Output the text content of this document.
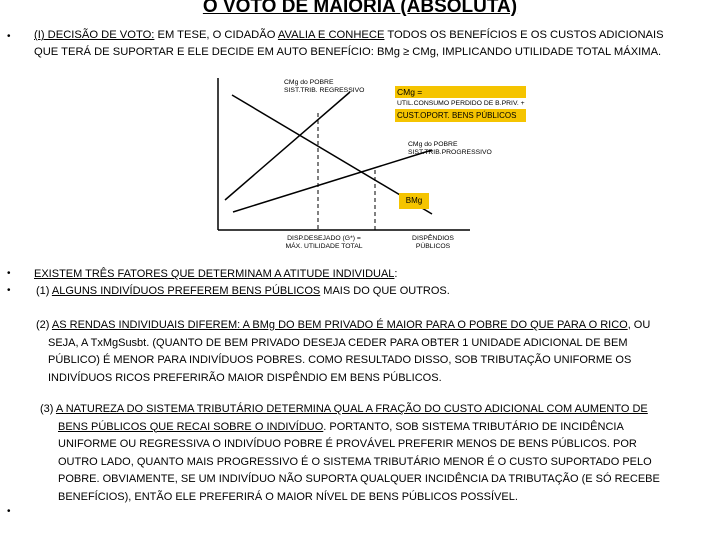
O VOTO DE MAIORIA (ABSOLUTA)
•
•
•
•
(I) DECISÃO DE VOTO: EM TESE, O CIDADÃO AVALIA E CONHECE TODOS OS BENEFÍCIOS E OS CUSTOS ADICIONAIS
QUE TERÁ DE SUPORTAR E ELE DECIDE EM AUTO BENEFÍCIO: BMg ≥ CMg, IMPLICANDO UTILIDADE TOTAL MÁXIMA.
CMg do POBRE
SIST.TRIB. REGRESSIVO	CMg =
UTIL.CONSUMO PERDIDO DE B.PRIV. +
CUST.OPORT. BENS PÚBLICOS
CMg do POBRE
SIST.TRIB.PROGRESSIVO
BMg
DISP.DESEJADO (G*) =
MÁX. UTILIDADE TOTAL
DISPÊNDIOS
PÚBLICOS
EXISTEM TRÊS FATORES QUE DETERMINAM A ATITUDE INDIVIDUAL:
(1) ALGUNS INDIVÍDUOS PREFEREM BENS PÚBLICOS MAIS DO QUE OUTROS.
(2) AS RENDAS INDIVIDUAIS DIFEREM: A BMg DO BEM PRIVADO É MAIOR PARA O POBRE DO QUE PARA O RICO, OU
SEJA, A TxMgSusbt. (QUANTO DE BEM PRIVADO DESEJA CEDER PARA OBTER 1 UNIDADE ADICIONAL DE BEM
PÚBLICO) É MENOR PARA INDIVÍDUOS POBRES. COMO RESULTADO DISSO, SOB TRIBUTAÇÃO UNIFORME OS
INDIVÍDUOS RICOS PREFERIRÃO MAIOR DISPÊNDIO EM BENS PÚBLICOS.
(3) A NATUREZA DO SISTEMA TRIBUTÁRIO DETERMINA QUAL A FRAÇÃO DO CUSTO ADICIONAL COM AUMENTO DE
BENS PÚBLICOS QUE RECAI SOBRE O INDIVÍDUO. PORTANTO, SOB SISTEMA TRIBUTÁRIO DE INCIDÊNCIA
UNIFORME OU REGRESSIVA O INDIVÍDUO POBRE É PROVÁVEL PREFERIR MENOS DE BENS PÚBLICOS. POR
OUTRO LADO, QUANTO MAIS PROGRESSIVO É O SISTEMA TRIBUTÁRIO MENOR É O CUSTO SUPORTADO PELO
POBRE. OBVIAMENTE, SE UM INDIVÍDUO NÃO SUPORTA QUALQUER INCIDÊNCIA DA TRIBUTAÇÃO (E SÓ RECEBE
BENEFÍCIOS), ENTÃO ELE PREFERIRÁ O MAIOR NÍVEL DE BENS PÚBLICOS POSSÍVEL.
